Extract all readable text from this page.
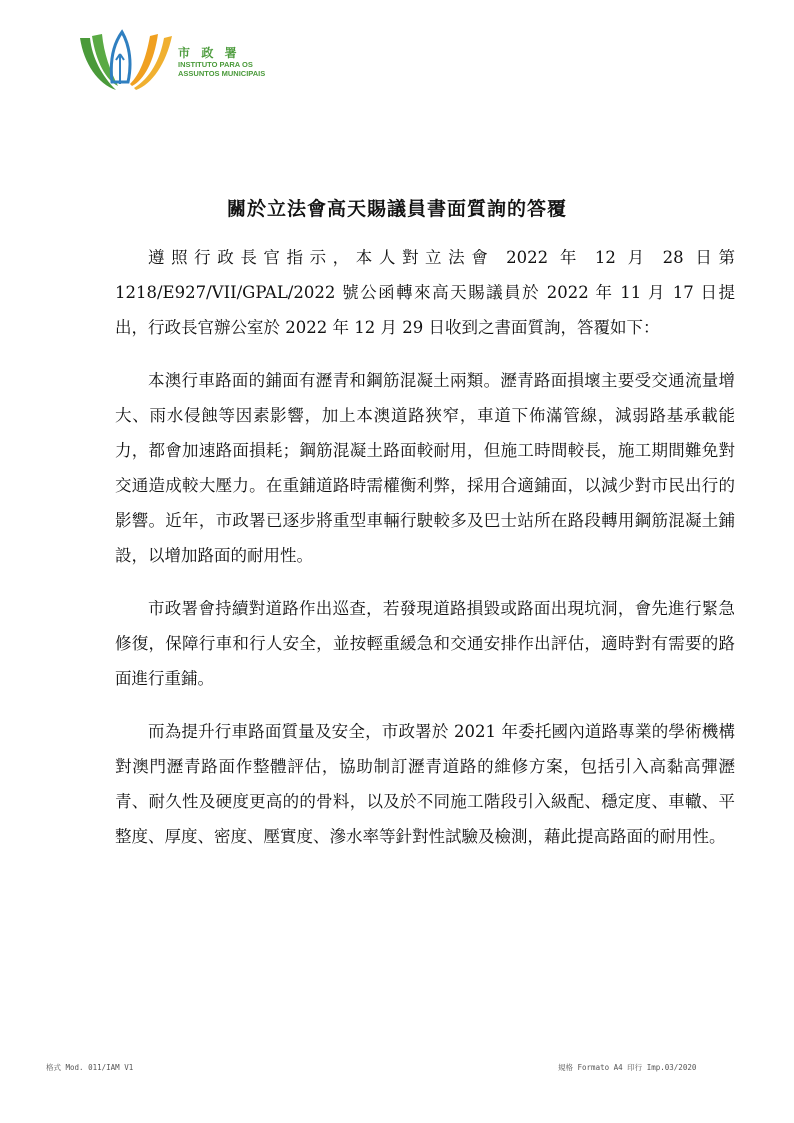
市 政 署
INSTITUTO PARA OS
ASSUNTOS MUNICIPAIS
關於立法會高天賜議員書面質詢的答覆

遵照行政長官指示，本人對立法會 2022 年 12 月 28 日第 1218/E927/VII/GPAL/2022 號公函轉來高天賜議員於 2022 年 11 月 17 日提出，行政長官辦公室於 2022 年 12 月 29 日收到之書面質詢，答覆如下：

本澳行車路面的鋪面有瀝青和鋼筋混凝土兩類。瀝青路面損壞主要受交通流量增大、雨水侵蝕等因素影響，加上本澳道路狹窄，車道下佈滿管線，減弱路基承載能力，都會加速路面損耗；鋼筋混凝土路面較耐用，但施工時間較長，施工期間難免對交通造成較大壓力。在重鋪道路時需權衡利弊，採用合適鋪面，以減少對市民出行的影響。近年，市政署已逐步將重型車輛行駛較多及巴士站所在路段轉用鋼筋混凝土鋪設，以增加路面的耐用性。

市政署會持續對道路作出巡查，若發現道路損毀或路面出現坑洞，會先進行緊急修復，保障行車和行人安全，並按輕重緩急和交通安排作出評估，適時對有需要的路面進行重鋪。

而為提升行車路面質量及安全，市政署於 2021 年委托國內道路專業的學術機構對澳門瀝青路面作整體評估，協助制訂瀝青道路的維修方案，包括引入高黏高彈瀝青、耐久性及硬度更高的的骨料，以及於不同施工階段引入級配、穩定度、車轍、平整度、厚度、密度、壓實度、滲水率等針對性試驗及檢測，藉此提高路面的耐用性。

格式 Mod. 011/IAM V1	規格 Formato A4 印行 Imp.03/2020
